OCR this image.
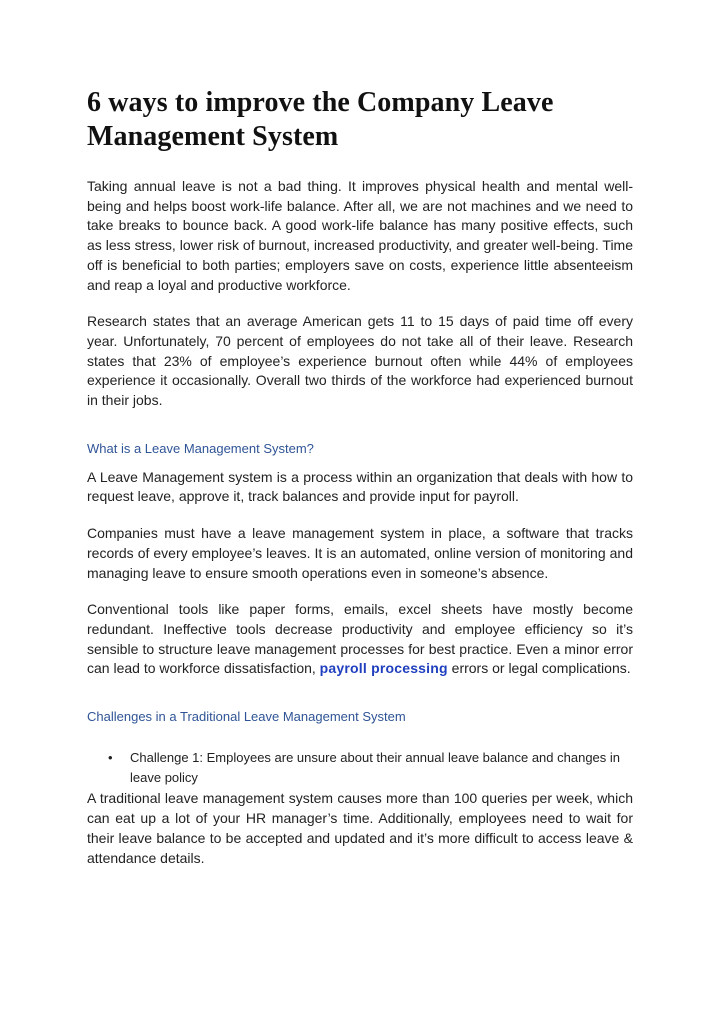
6 ways to improve the Company Leave Management System

Taking annual leave is not a bad thing. It improves physical health and mental well-being and helps boost work-life balance. After all, we are not machines and we need to take breaks to bounce back. A good work-life balance has many positive effects, such as less stress, lower risk of burnout, increased productivity, and greater well-being. Time off is beneficial to both parties; employers save on costs, experience little absenteeism and reap a loyal and productive workforce.

Research states that an average American gets 11 to 15 days of paid time off every year. Unfortunately, 70 percent of employees do not take all of their leave. Research states that 23% of employee’s experience burnout often while 44% of employees experience it occasionally. Overall two thirds of the workforce had experienced burnout in their jobs.

What is a Leave Management System?

A Leave Management system is a process within an organization that deals with how to request leave, approve it, track balances and provide input for payroll.

Companies must have a leave management system in place, a software that tracks records of every employee’s leaves. It is an automated, online version of monitoring and managing leave to ensure smooth operations even in someone’s absence.

Conventional tools like paper forms, emails, excel sheets have mostly become redundant. Ineffective tools decrease productivity and employee efficiency so it’s sensible to structure leave management processes for best practice. Even a minor error can lead to workforce dissatisfaction, payroll processing errors or legal complications.

Challenges in a Traditional Leave Management System
• Challenge 1: Employees are unsure about their annual leave balance and changes in leave policy

A traditional leave management system causes more than 100 queries per week, which can eat up a lot of your HR manager’s time. Additionally, employees need to wait for their leave balance to be accepted and updated and it’s more difficult to access leave & attendance details.
